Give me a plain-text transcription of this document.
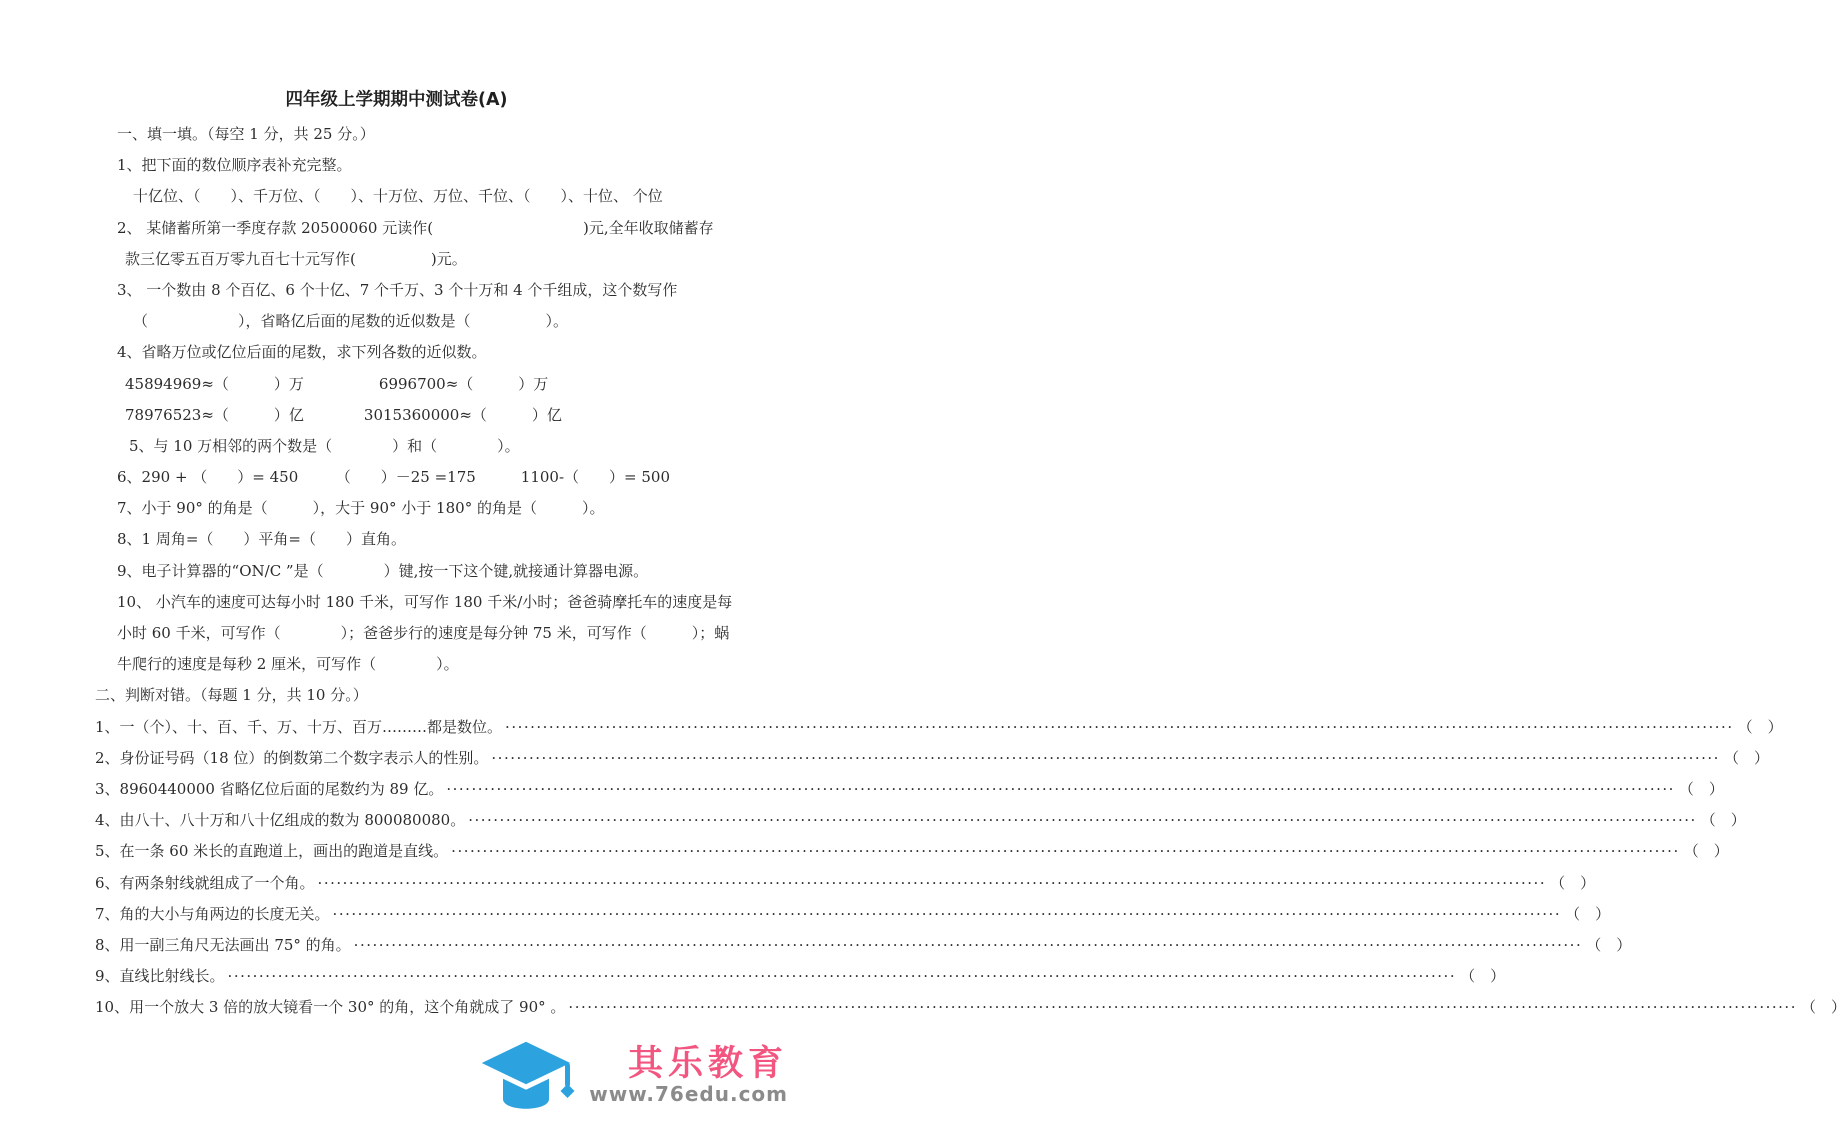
四年级上学期期中测试卷(A)
一、填一填。（每空 1 分，共 25 分。）
1、把下面的数位顺序表补充完整。
十亿位、（　　）、千万位、（　　）、十万位、万位、千位、（　　）、十位、 个位
2、 某储蓄所第一季度存款 20500060 元读作(　　　　　　　　　　)元,全年收取储蓄存
款三亿零五百万零九百七十元写作(　　　　　)元。
3、 一个数由 8 个百亿、6 个十亿、7 个千万、3 个十万和 4 个千组成，这个数写作
（　　　　　　），省略亿后面的尾数的近似数是（　　　　　）。
4、省略万位或亿位后面的尾数，求下列各数的近似数。
45894969≈（　　　）万　　　　　6996700≈（　　　）万
78976523≈（　　　）亿　　　　3015360000≈（　　　）亿
5、与 10 万相邻的两个数是（　　　　）和（　　　　）。
6、290 + （　　）= 450　　　（　　）－25 =175　　　1100-（　　）= 500
7、小于 90° 的角是（　　　），大于 90° 小于 180° 的角是（　　　）。
8、1 周角=（　　）平角=（　　）直角。
9、电子计算器的“ON/C ”是（　　　　）键,按一下这个键,就接通计算器电源。
10、 小汽车的速度可达每小时 180 千米，可写作 180 千米/小时；爸爸骑摩托车的速度是每
小时 60 千米，可写作（　　　　）；爸爸步行的速度是每分钟 75 米，可写作（　　　）；蜗
牛爬行的速度是每秒 2 厘米，可写作（　　　　）。
二、判断对错。（每题 1 分，共 10 分。）
1、一（个）、十、百、千、万、十万、百万………都是数位。 ···································································································································································································· （　）
2、身份证号码（18 位）的倒数第二个数字表示人的性别。 ···································································································································································································· （　）
3、8960440000 省略亿位后面的尾数约为 89 亿。 ···································································································································································································· （　）
4、由八十、八十万和八十亿组成的数为 800080080。 ···································································································································································································· （　）
5、在一条 60 米长的直跑道上，画出的跑道是直线。 ···································································································································································································· （　）
6、有两条射线就组成了一个角。 ···································································································································································································· （　）
7、角的大小与角两边的长度无关。 ···································································································································································································· （　）
8、用一副三角尺无法画出 75° 的角。 ···································································································································································································· （　）
9、直线比射线长。 ···································································································································································································· （　）
10、用一个放大 3 倍的放大镜看一个 30° 的角，这个角就成了 90° 。 ···································································································································································································· （　）
其乐教育
www.76edu.com
